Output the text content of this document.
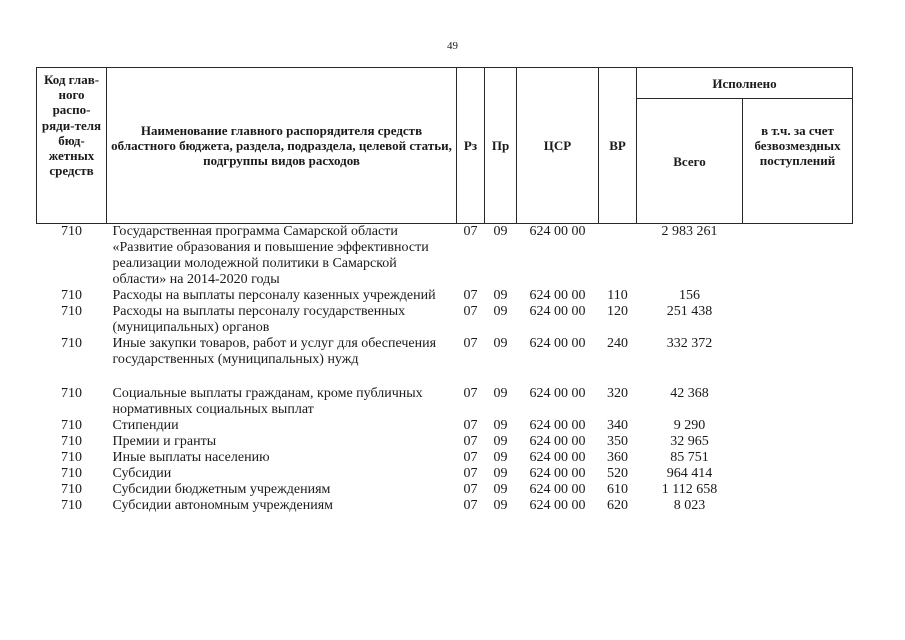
49
Код глав-ного распо-ряди-теля бюд-жетных средств	Наименование главного распорядителя средств областного бюджета, раздела, подраздела, целевой статьи, подгруппы видов расходов	Рз	Пр	ЦСР	ВР	Исполнено	
						Всего	в т.ч. за счет безвозмездных поступлений
710	Государственная программа Самарской области «Развитие образования и повышение эффективности реализации молодежной политики в Самарской области» на 2014-2020 годы	07	09	624 00 00		2 983 261	
710	Расходы на выплаты персоналу казенных учреждений	07	09	624 00 00	110	156	
710	Расходы на выплаты персоналу государственных (муниципальных) органов	07	09	624 00 00	120	251 438	
710	Иные закупки товаров, работ и услуг для обеспечения государственных (муниципальных) нужд	07	09	624 00 00	240	332 372	
710	Социальные выплаты гражданам, кроме публичных нормативных социальных выплат	07	09	624 00 00	320	42 368	
710	Стипендии	07	09	624 00 00	340	9 290	
710	Премии и гранты	07	09	624 00 00	350	32 965	
710	Иные выплаты населению	07	09	624 00 00	360	85 751	
710	Субсидии	07	09	624 00 00	520	964 414	
710	Субсидии бюджетным учреждениям	07	09	624 00 00	610	1 112 658	
710	Субсидии автономным учреждениям	07	09	624 00 00	620	8 023	
